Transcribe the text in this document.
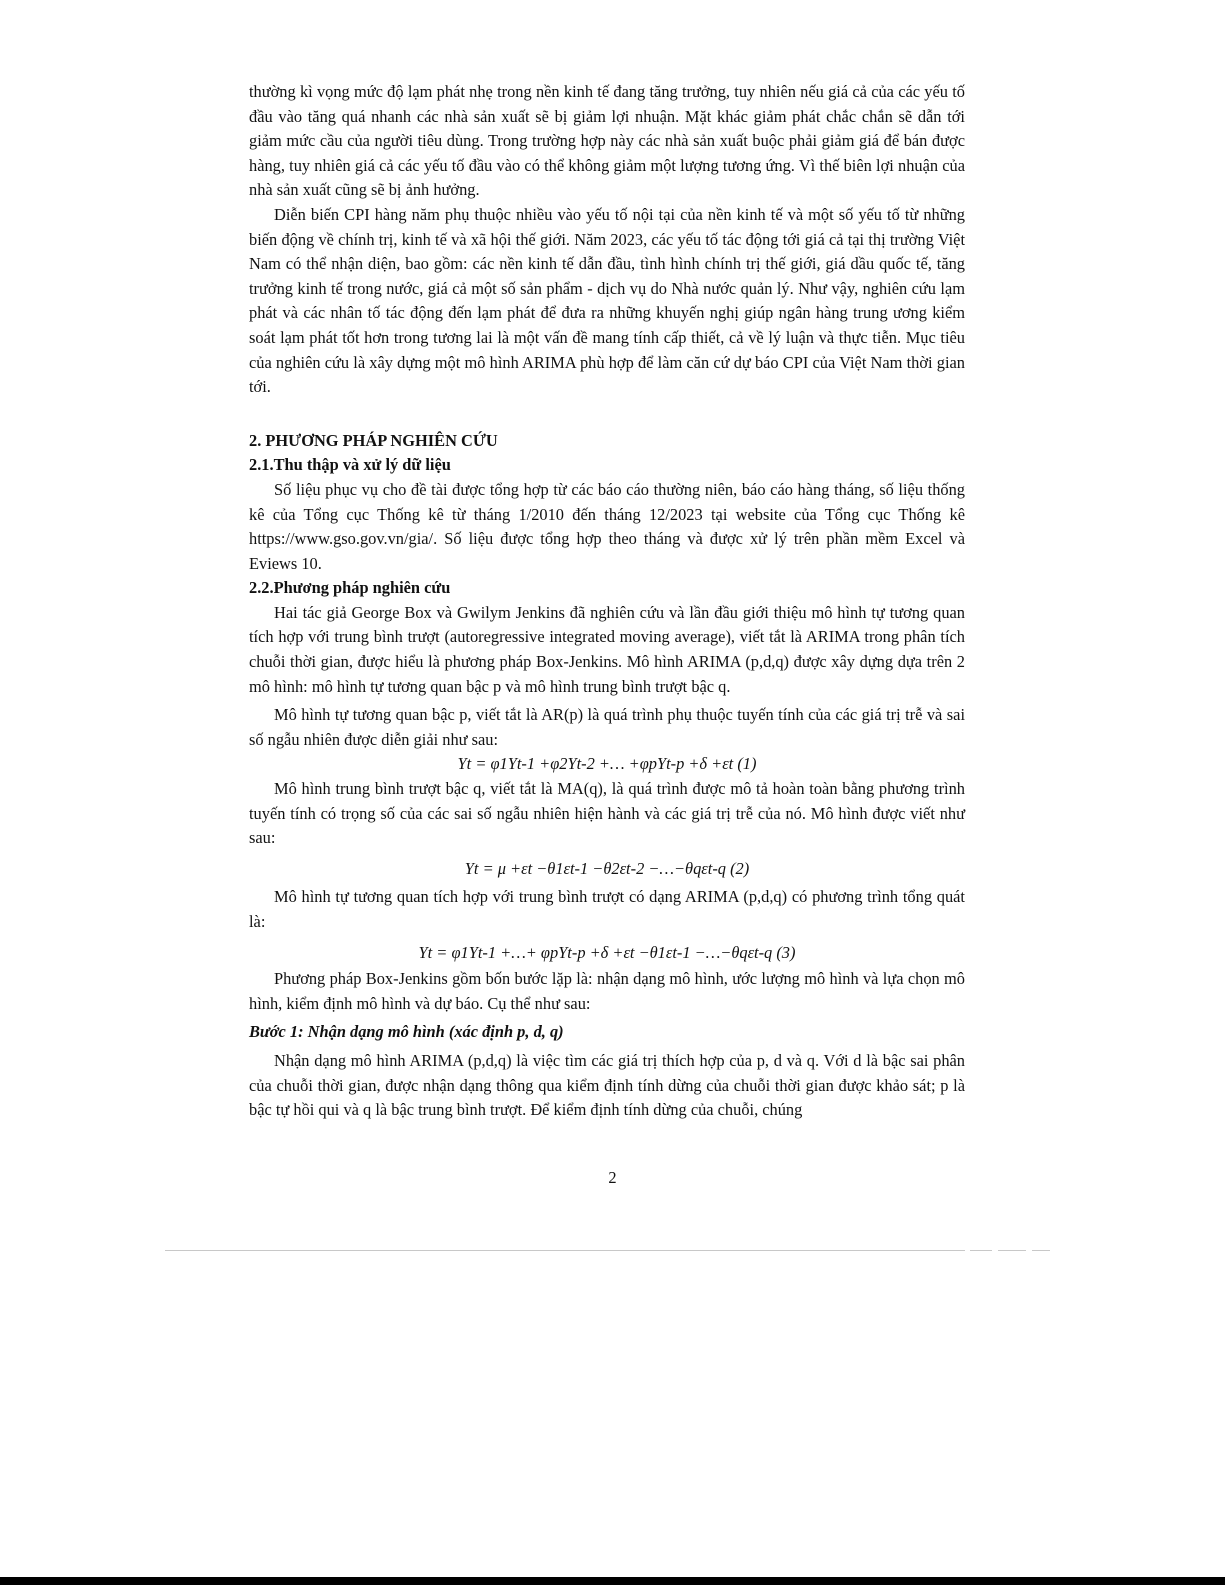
thường kì vọng mức độ lạm phát nhẹ trong nền kinh tế đang tăng trưởng, tuy nhiên nếu giá cả của các yếu tố đầu vào tăng quá nhanh các nhà sản xuất sẽ bị giảm lợi nhuận. Mặt khác giảm phát chắc chắn sẽ dẫn tới giảm mức cầu của người tiêu dùng. Trong trường hợp này các nhà sản xuất buộc phải giảm giá để bán được hàng, tuy nhiên giá cả các yếu tố đầu vào có thể không giảm một lượng tương ứng. Vì thế biên lợi nhuận của nhà sản xuất cũng sẽ bị ảnh hưởng.

Diễn biến CPI hàng năm phụ thuộc nhiều vào yếu tố nội tại của nền kinh tế và một số yếu tố từ những biến động về chính trị, kinh tế và xã hội thế giới. Năm 2023, các yếu tố tác động tới giá cả tại thị trường Việt Nam có thể nhận diện, bao gồm: các nền kinh tế dẫn đầu, tình hình chính trị thế giới, giá dầu quốc tế, tăng trưởng kinh tế trong nước, giá cả một số sản phẩm - dịch vụ do Nhà nước quản lý. Như vậy, nghiên cứu lạm phát và các nhân tố tác động đến lạm phát để đưa ra những khuyến nghị giúp ngân hàng trung ương kiểm soát lạm phát tốt hơn trong tương lai là một vấn đề mang tính cấp thiết, cả về lý luận và thực tiễn. Mục tiêu của nghiên cứu là xây dựng một mô hình ARIMA phù hợp để làm căn cứ dự báo CPI của Việt Nam thời gian tới.

2. PHƯƠNG PHÁP NGHIÊN CỨU
2.1.Thu thập và xử lý dữ liệu

Số liệu phục vụ cho đề tài được tổng hợp từ các báo cáo thường niên, báo cáo hàng tháng, số liệu thống kê của Tổng cục Thống kê từ tháng 1/2010 đến tháng 12/2023 tại website của Tổng cục Thống kê https://www.gso.gov.vn/gia/. Số liệu được tổng hợp theo tháng và được xử lý trên phần mềm Excel và Eviews 10.

2.2.Phương pháp nghiên cứu

Hai tác giả George Box và Gwilym Jenkins đã nghiên cứu và lần đầu giới thiệu mô hình tự tương quan tích hợp với trung bình trượt (autoregressive integrated moving average), viết tắt là ARIMA trong phân tích chuỗi thời gian, được hiểu là phương pháp Box-Jenkins. Mô hình ARIMA (p,d,q) được xây dựng dựa trên 2 mô hình: mô hình tự tương quan bậc p và mô hình trung bình trượt bậc q.

Mô hình tự tương quan bậc p, viết tắt là AR(p) là quá trình phụ thuộc tuyến tính của các giá trị trễ và sai số ngẫu nhiên được diễn giải như sau:

Yt = φ1Yt-1 +φ2Yt-2 +… +φpYt-p +δ +εt (1)

Mô hình trung bình trượt bậc q, viết tắt là MA(q), là quá trình được mô tả hoàn toàn bằng phương trình tuyến tính có trọng số của các sai số ngẫu nhiên hiện hành và các giá trị trễ của nó. Mô hình được viết như sau:

Yt = μ +εt −θ1εt-1 −θ2εt-2 −…−θqεt-q (2)

Mô hình tự tương quan tích hợp với trung bình trượt có dạng ARIMA (p,d,q) có phương trình tổng quát là:

Yt = φ1Yt-1 +…+ φpYt-p +δ +εt −θ1εt-1 −…−θqεt-q (3)

Phương pháp Box-Jenkins gồm bốn bước lặp là: nhận dạng mô hình, ước lượng mô hình và lựa chọn mô hình, kiểm định mô hình và dự báo. Cụ thể như sau:

Bước 1: Nhận dạng mô hình (xác định p, d, q)

Nhận dạng mô hình ARIMA (p,d,q) là việc tìm các giá trị thích hợp của p, d và q. Với d là bậc sai phân của chuỗi thời gian, được nhận dạng thông qua kiểm định tính dừng của chuỗi thời gian được khảo sát; p là bậc tự hồi qui và q là bậc trung bình trượt. Để kiểm định tính dừng của chuỗi, chúng

2
